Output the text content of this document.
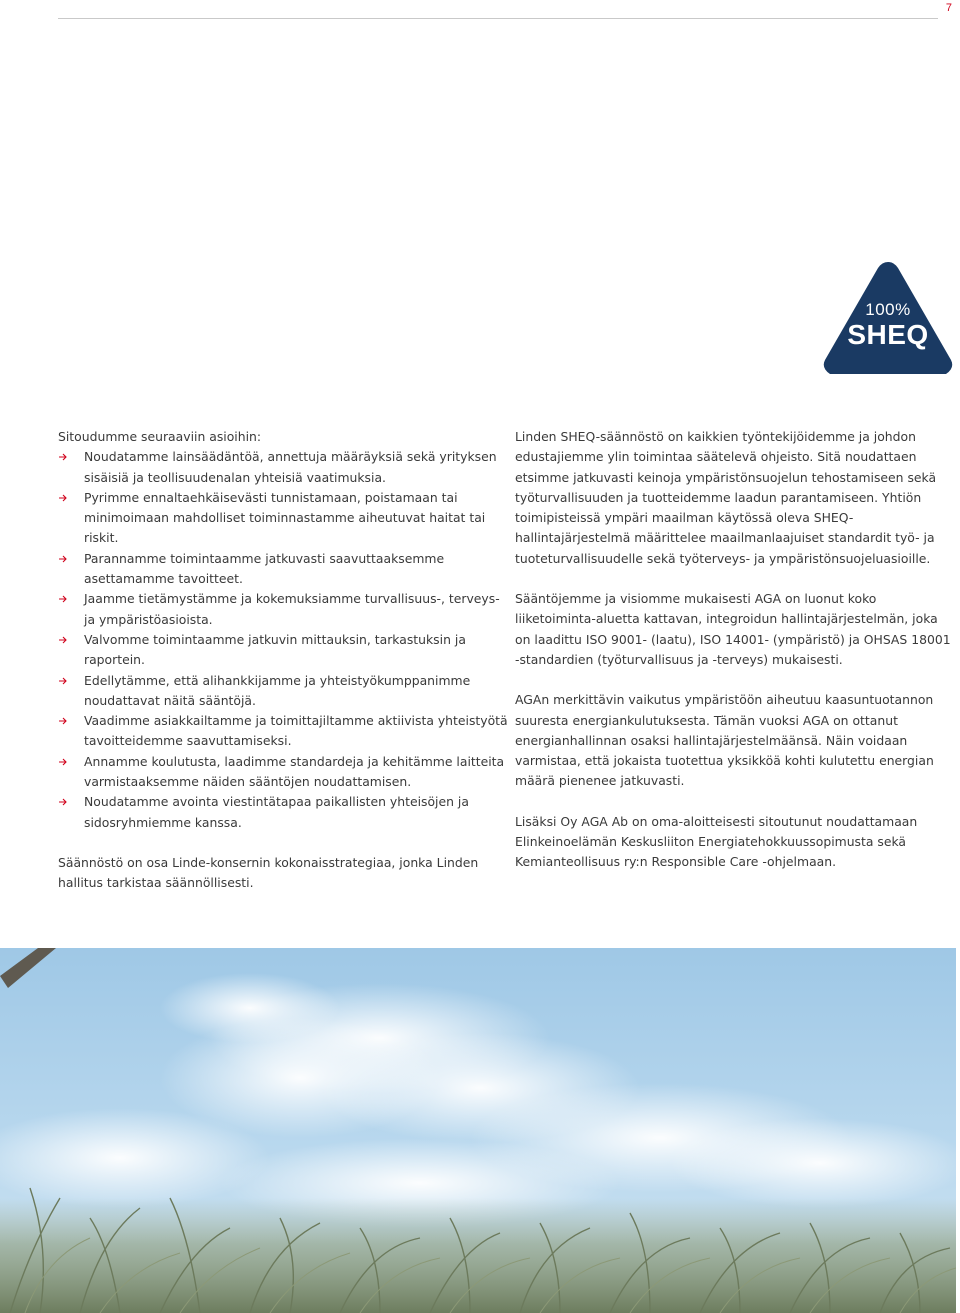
7
100%
SHEQ

Sitoudumme seuraaviin asioihin:

Noudatamme lainsäädäntöä, annettuja määräyksiä sekä yrityksen sisäisiä ja teollisuudenalan yhteisiä vaatimuksia.
Pyrimme ennaltaehkäisevästi tunnistamaan, poistamaan tai minimoimaan mahdolliset toiminnastamme aiheutuvat haitat tai riskit.
Parannamme toimintaamme jatkuvasti saavuttaaksemme asettamamme tavoitteet.
Jaamme tietämystämme ja kokemuksiamme turvallisuus-, terveys- ja ympäristöasioista.
Valvomme toimintaamme jatkuvin mittauksin, tarkastuksin ja raportein.
Edellytämme, että alihankkijamme ja yhteistyökumppanimme noudattavat näitä sääntöjä.
Vaadimme asiakkailtamme ja toimittajiltamme aktiivista yhteistyötä tavoitteidemme saavuttamiseksi.
Annamme koulutusta, laadimme standardeja ja kehitämme laitteita varmistaaksemme näiden sääntöjen noudattamisen.
Noudatamme avointa viestintätapaa paikallisten yhteisöjen ja sidosryhmiemme kanssa.

Säännöstö on osa Linde-konsernin kokonaisstrategiaa, jonka Linden hallitus tarkistaa säännöllisesti.

Linden SHEQ-säännöstö on kaikkien työntekijöidemme ja johdon edustajiemme ylin toimintaa säätelevä ohjeisto. Sitä noudattaen etsimme jatkuvasti keinoja ympäristönsuojelun tehostamiseen sekä työturvallisuuden ja tuotteidemme laadun parantamiseen. Yhtiön toimipisteissä ympäri maailman käytössä oleva SHEQ-hallintajärjestelmä määrittelee maailmanlaajuiset standardit työ- ja tuoteturvallisuudelle sekä työterveys- ja ympäristönsuojeluasioille.

Sääntöjemme ja visiomme mukaisesti AGA on luonut koko liiketoiminta-aluetta kattavan, integroidun hallintajärjestelmän, joka on laadittu ISO 9001- (laatu), ISO 14001- (ympäristö) ja OHSAS 18001 -standardien (työturvallisuus ja -terveys) mukaisesti.

AGAn merkittävin vaikutus ympäristöön aiheutuu kaasuntuotannon suuresta energiankulutuksesta. Tämän vuoksi AGA on ottanut energianhallinnan osaksi hallintajärjestelmäänsä. Näin voidaan varmistaa, että jokaista tuotettua yksikköä kohti kulutettu energian määrä pienenee jatkuvasti.

Lisäksi Oy AGA Ab on oma-aloitteisesti sitoutunut noudattamaan Elinkeinoelämän Keskusliiton Energiatehokkuussopimusta sekä Kemianteollisuus ry:n Responsible Care -ohjelmaan.
